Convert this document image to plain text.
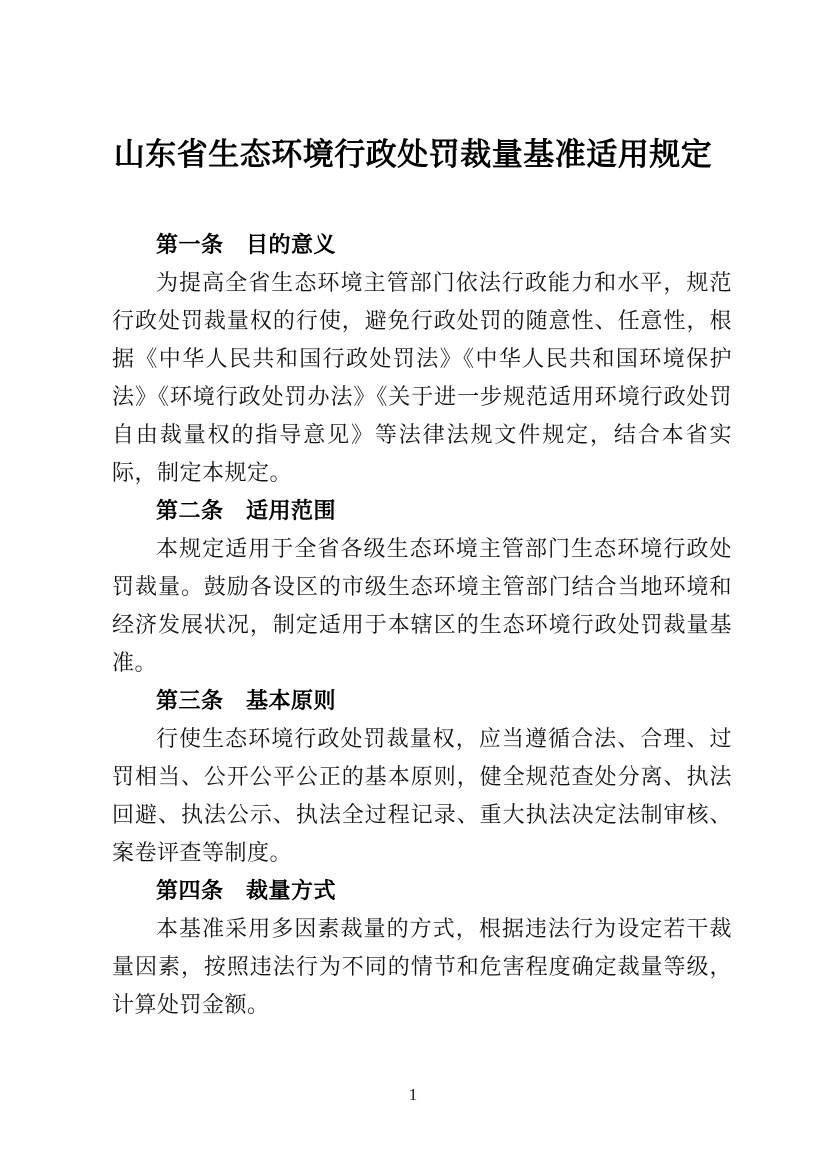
山东省生态环境行政处罚裁量基准适用规定
第一条　目的意义
为提高全省生态环境主管部门依法行政能力和水平，规范行政处罚裁量权的行使，避免行政处罚的随意性、任意性，根据《中华人民共和国行政处罚法》《中华人民共和国环境保护法》《环境行政处罚办法》《关于进一步规范适用环境行政处罚自由裁量权的指导意见》等法律法规文件规定，结合本省实际，制定本规定。
第二条　适用范围
本规定适用于全省各级生态环境主管部门生态环境行政处罚裁量。鼓励各设区的市级生态环境主管部门结合当地环境和经济发展状况，制定适用于本辖区的生态环境行政处罚裁量基准。
第三条　基本原则
行使生态环境行政处罚裁量权，应当遵循合法、合理、过罚相当、公开公平公正的基本原则，健全规范查处分离、执法回避、执法公示、执法全过程记录、重大执法决定法制审核、案卷评查等制度。
第四条　裁量方式
本基准采用多因素裁量的方式，根据违法行为设定若干裁量因素，按照违法行为不同的情节和危害程度确定裁量等级，计算处罚金额。
1
